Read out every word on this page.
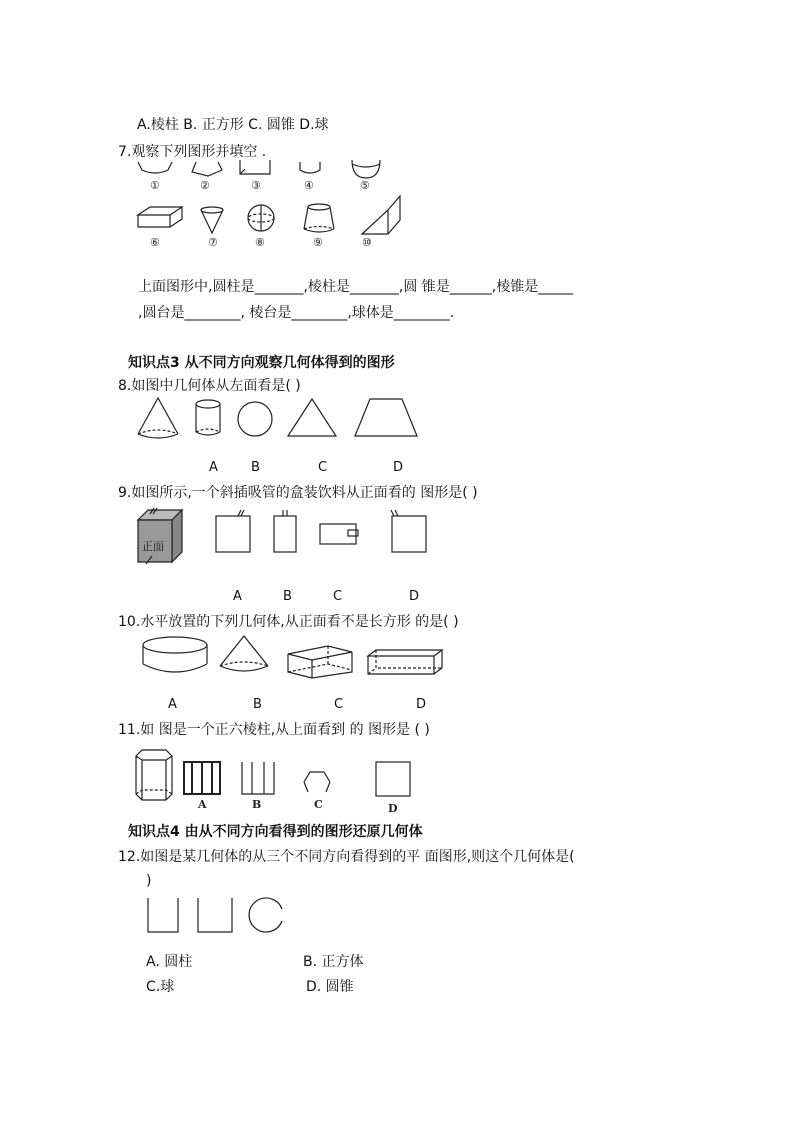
A.棱柱 B. 正方形 C. 圆锥 D.球
7.观察下列图形并填空 .
①	②	③	④	⑤
⑥	⑦	⑧	⑨	⑩
上面图形中,圆柱是_______,棱柱是_______,圆 锥是______,棱锥是_____
,圆台是________, 棱台是________,球体是________.
知识点3 从不同方向观察几何体得到的图形
8.如图中几何体从左面看是( )
A	B	C	D
9.如图所示,一个斜插吸管的盒装饮料从正面看的 图形是( )
正面
A	B	C	D
10.水平放置的下列几何体,从正面看不是长方形 的是( )
A	B	C	D
11.如 图是一个正六棱柱,从上面看到 的 图形是 ( )
A	B	C	D
知识点4 由从不同方向看得到的图形还原几何体
12.如图是某几何体的从三个不同方向看得到的平 面图形,则这个几何体是(
)
A. 圆柱	B. 正方体
C.球	D. 圆锥
